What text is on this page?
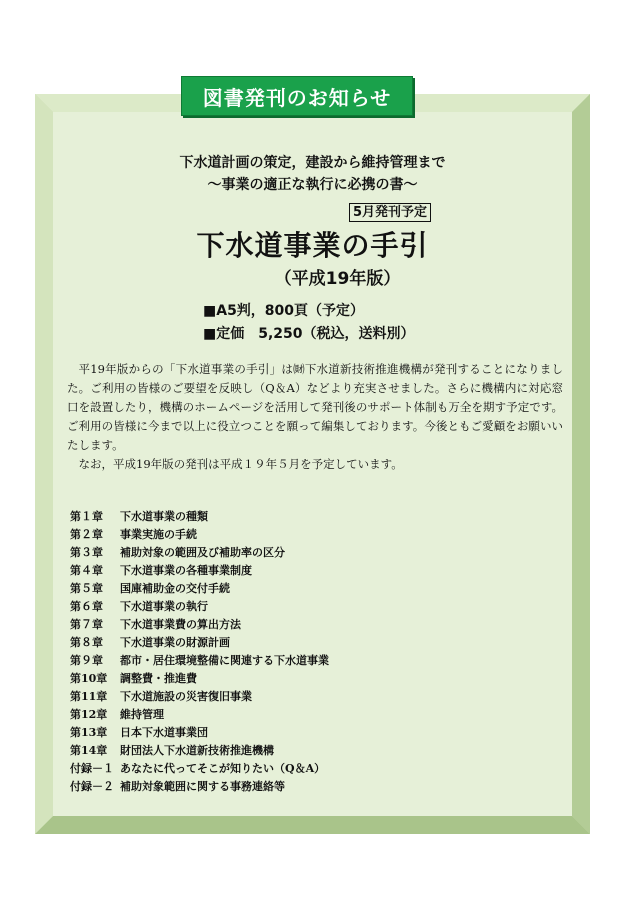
図書発刊のお知らせ
下水道計画の策定，建設から維持管理まで
〜事業の適正な執行に必携の書〜
5月発刊予定
下水道事業の手引
（平成19年版）
■A5判，800頁（予定）
■定価　5,250（税込，送料別）

平19年版からの「下水道事業の手引」は㈶下水道新技術推進機構が発刊することになりました。ご利用の皆様のご要望を反映し（Q＆A）などより充実させました。さらに機構内に対応窓口を設置したり，機構のホームページを活用して発刊後のサポート体制も万全を期す予定です。ご利用の皆様に今まで以上に役立つことを願って編集しております。今後ともご愛顧をお願いいたします。

なお，平成19年版の発刊は平成１９年５月を予定しています。

第１章	下水道事業の種類
第２章	事業実施の手続
第３章	補助対象の範囲及び補助率の区分
第４章	下水道事業の各種事業制度
第５章	国庫補助金の交付手続
第６章	下水道事業の執行
第７章	下水道事業費の算出方法
第８章	下水道事業の財源計画
第９章	都市・居住環境整備に関連する下水道事業
第10章	調整費・推進費
第11章	下水道施設の災害復旧事業
第12章	維持管理
第13章	日本下水道事業団
第14章	財団法人下水道新技術推進機構
付録－１ あなたに代ってそこが知りたい（Q＆A）
付録－２ 補助対象範囲に関する事務連絡等
